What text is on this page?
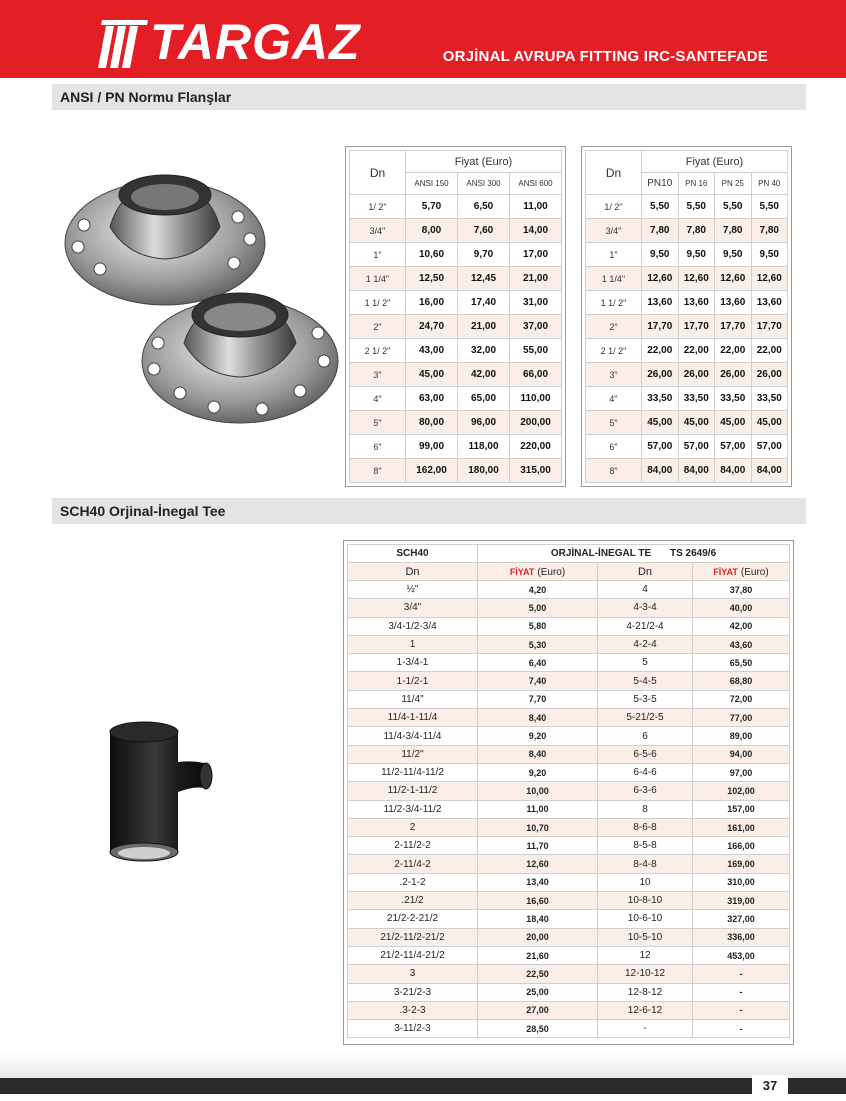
TARGAZ	ORJİNAL AVRUPA FITTING IRC-SANTEFADE
ANSI / PN Normu Flanşlar
Dn	Fiyat (Euro)		
	ANSI 150	ANSI 300	ANSI 600
1/ 2"	5,70	6,50	11,00
3/4"	8,00	7,60	14,00
1"	10,60	9,70	17,00
1 1/4"	12,50	12,45	21,00
1 1/ 2"	16,00	17,40	31,00
2"	24,70	21,00	37,00
2 1/ 2"	43,00	32,00	55,00
3"	45,00	42,00	66,00
4"	63,00	65,00	110,00
5"	80,00	96,00	200,00
6"	99,00	118,00	220,00
8"	162,00	180,00	315,00
Dn	Fiyat (Euro)			
	PN10	PN 16	PN 25	PN 40
1/ 2"	5,50	5,50	5,50	5,50
3/4"	7,80	7,80	7,80	7,80
1"	9,50	9,50	9,50	9,50
1 1/4"	12,60	12,60	12,60	12,60
1 1/ 2"	13,60	13,60	13,60	13,60
2"	17,70	17,70	17,70	17,70
2 1/ 2"	22,00	22,00	22,00	22,00
3"	26,00	26,00	26,00	26,00
4"	33,50	33,50	33,50	33,50
5"	45,00	45,00	45,00	45,00
6"	57,00	57,00	57,00	57,00
8"	84,00	84,00	84,00	84,00
SCH40 Orjinal-İnegal Tee
SCH40	ORJİNAL-İNEGAL TE TS 2649/6		
Dn	FİYAT (Euro)	Dn	FİYAT (Euro)
½"	4,20	4	37,80
3/4"	5,00	4-3-4	40,00
3/4-1/2-3/4	5,80	4-21/2-4	42,00
1	5,30	4-2-4	43,60
1-3/4-1	6,40	5	65,50
1-1/2-1	7,40	5-4-5	68,80
11/4"	7,70	5-3-5	72,00
11/4-1-11/4	8,40	5-21/2-5	77,00
11/4-3/4-11/4	9,20	6	89,00
11/2"	8,40	6-5-6	94,00
11/2-11/4-11/2	9,20	6-4-6	97,00
11/2-1-11/2	10,00	6-3-6	102,00
11/2-3/4-11/2	11,00	8	157,00
2	10,70	8-6-8	161,00
2-11/2-2	11,70	8-5-8	166,00
2-11/4-2	12,60	8-4-8	169,00
.2-1-2	13,40	10	310,00
.21/2	16,60	10-8-10	319,00
21/2-2-21/2	18,40	10-6-10	327,00
21/2-11/2-21/2	20,00	10-5-10	336,00
21/2-11/4-21/2	21,60	12	453,00
3	22,50	12-10-12	-
3-21/2-3	25,00	12-8-12	-
.3-2-3	27,00	12-6-12	-
3-11/2-3	28,50	-	-
37
